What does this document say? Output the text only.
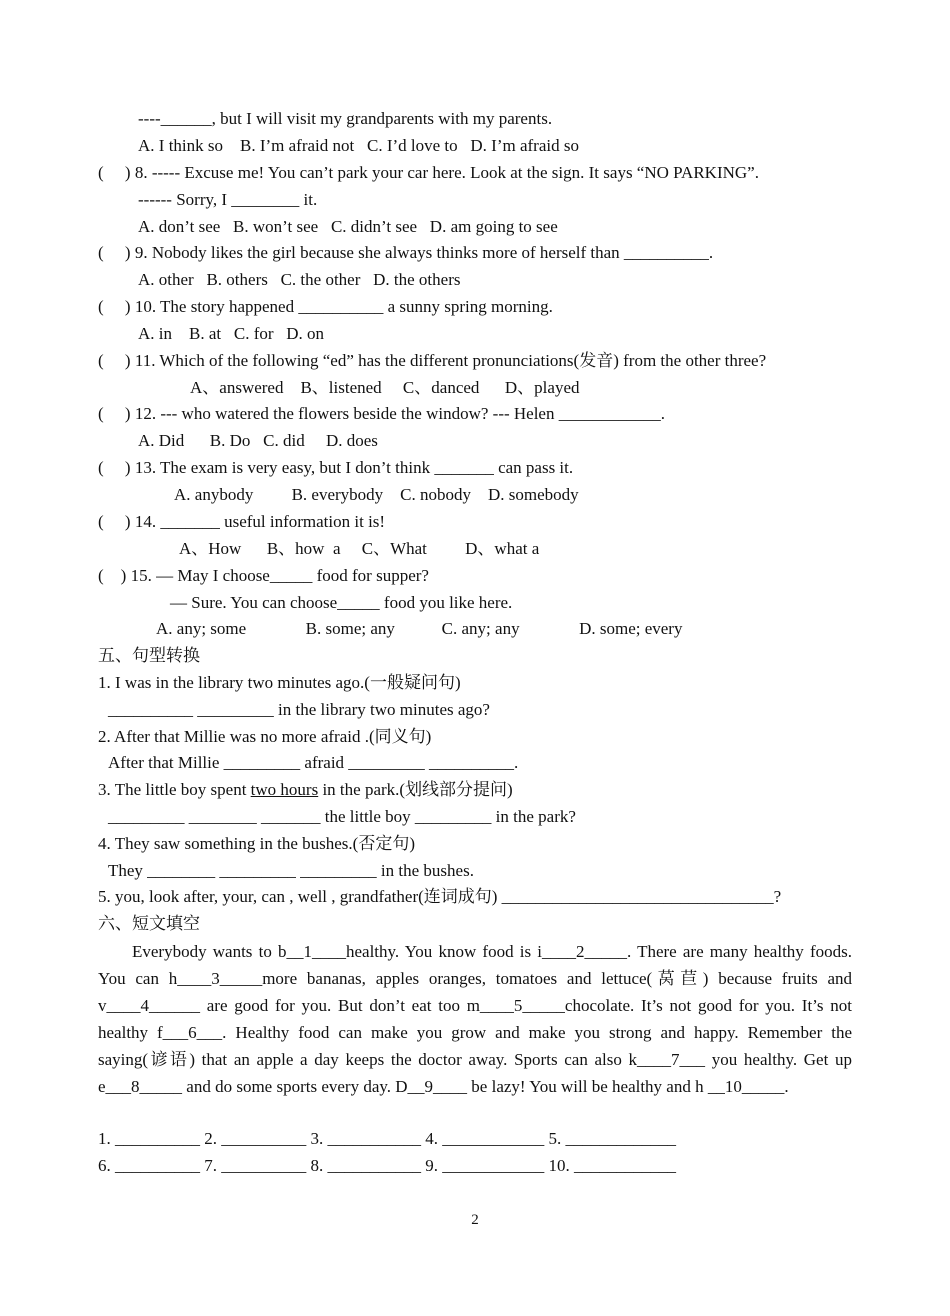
----______, but I will visit my grandparents with my parents.
A. I think so    B. I’m afraid not   C. I’d love to   D. I’m afraid so
(     ) 8. ----- Excuse me! You can’t park your car here. Look at the sign. It says “NO PARKING”.
------ Sorry, I ________ it.
A. don’t see   B. won’t see   C. didn’t see   D. am going to see
(     ) 9. Nobody likes the girl because she always thinks more of herself than __________.
A. other   B. others   C. the other   D. the others
(     ) 10. The story happened __________ a sunny spring morning.
A. in    B. at   C. for   D. on
(     ) 11. Which of the following “ed” has the different pronunciations(发音) from the other three?
A、answered    B、listened     C、danced      D、played
(     ) 12. --- who watered the flowers beside the window? --- Helen ____________.
A. Did      B. Do   C. did     D. does
(     ) 13. The exam is very easy, but I don’t think _______ can pass it.
A. anybody         B. everybody    C. nobody    D. somebody
(     ) 14. _______ useful information it is!
A、How      B、how  a     C、What         D、what a
(    ) 15. — May I choose_____ food for supper?
— Sure. You can choose_____ food you like here.
A. any; some              B. some; any           C. any; any              D. some; every
五、句型转换
1. I was in the library two minutes ago.(一般疑问句)
__________ _________ in the library two minutes ago?
2. After that Millie was no more afraid .(同义句)
After that Millie _________ afraid _________ __________.
3. The little boy spent two hours in the park.(划线部分提问)
_________ ________ _______ the little boy _________ in the park?
4. They saw something in the bushes.(否定句)
They ________ _________ _________ in the bushes.
5. you, look after, your, can , well , grandfather(连词成句) ________________________________?
六、短文填空
Everybody wants to b__1____healthy. You know food is i____2_____. There are many healthy foods. You can h____3_____more bananas, apples oranges, tomatoes and lettuce(莴苣) because fruits and v____4______ are good for you. But don’t eat too m____5_____chocolate. It’s not good for you. It’s not healthy f___6___. Healthy food can make you grow and make you strong and happy. Remember the saying(谚语) that an apple a day keeps the doctor away. Sports can also k____7___ you healthy. Get up e___8_____ and do some sports every day. D__9____ be lazy! You will be healthy and h __10_____.
1. __________ 2. __________ 3. ___________ 4. ____________ 5. _____________
6. __________ 7. __________ 8. ___________ 9. ____________ 10. ____________
2
